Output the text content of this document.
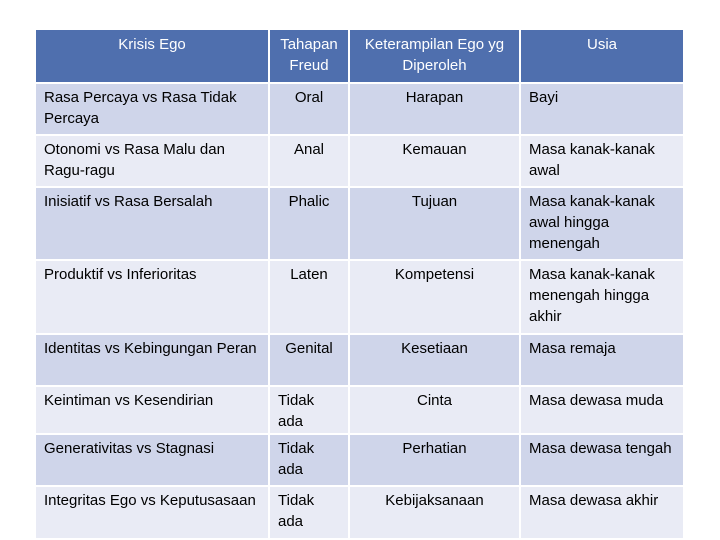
Krisis Ego	Tahapan Freud	Keterampilan Ego yg Diperoleh	Usia
Rasa Percaya vs Rasa Tidak Percaya	Oral	Harapan	Bayi
Otonomi vs Rasa Malu dan Ragu-ragu	Anal	Kemauan	Masa kanak-kanak awal
Inisiatif vs Rasa Bersalah	Phalic	Tujuan	Masa kanak-kanak awal hingga menengah
Produktif vs Inferioritas	Laten	Kompetensi	Masa kanak-kanak menengah hingga akhir
Identitas vs Kebingungan Peran	Genital	Kesetiaan	Masa remaja
Keintiman vs Kesendirian	Tidak ada	Cinta	Masa dewasa muda
Generativitas vs Stagnasi	Tidak ada	Perhatian	Masa dewasa tengah
Integritas Ego vs Keputusasaan	Tidak ada	Kebijaksanaan	Masa dewasa akhir
